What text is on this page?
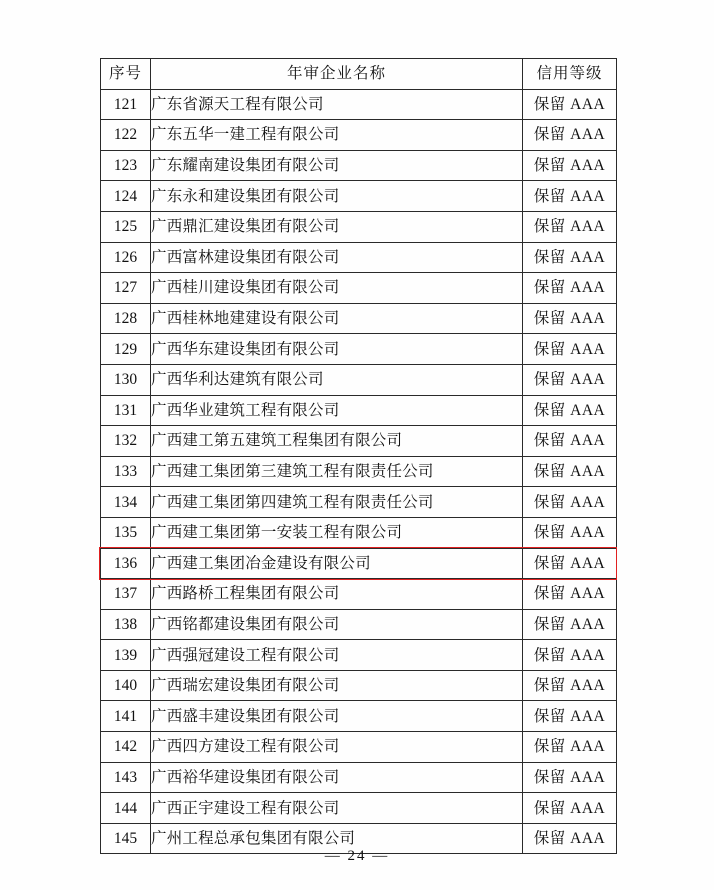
序号	年审企业名称	信用等级
121	广东省源天工程有限公司	保留 AAA
122	广东五华一建工程有限公司	保留 AAA
123	广东耀南建设集团有限公司	保留 AAA
124	广东永和建设集团有限公司	保留 AAA
125	广西鼎汇建设集团有限公司	保留 AAA
126	广西富林建设集团有限公司	保留 AAA
127	广西桂川建设集团有限公司	保留 AAA
128	广西桂林地建建设有限公司	保留 AAA
129	广西华东建设集团有限公司	保留 AAA
130	广西华利达建筑有限公司	保留 AAA
131	广西华业建筑工程有限公司	保留 AAA
132	广西建工第五建筑工程集团有限公司	保留 AAA
133	广西建工集团第三建筑工程有限责任公司	保留 AAA
134	广西建工集团第四建筑工程有限责任公司	保留 AAA
135	广西建工集团第一安装工程有限公司	保留 AAA
136	广西建工集团冶金建设有限公司	保留 AAA
137	广西路桥工程集团有限公司	保留 AAA
138	广西铭都建设集团有限公司	保留 AAA
139	广西强冠建设工程有限公司	保留 AAA
140	广西瑞宏建设集团有限公司	保留 AAA
141	广西盛丰建设集团有限公司	保留 AAA
142	广西四方建设工程有限公司	保留 AAA
143	广西裕华建设集团有限公司	保留 AAA
144	广西正宇建设工程有限公司	保留 AAA
145	广州工程总承包集团有限公司	保留 AAA
— 24 —
